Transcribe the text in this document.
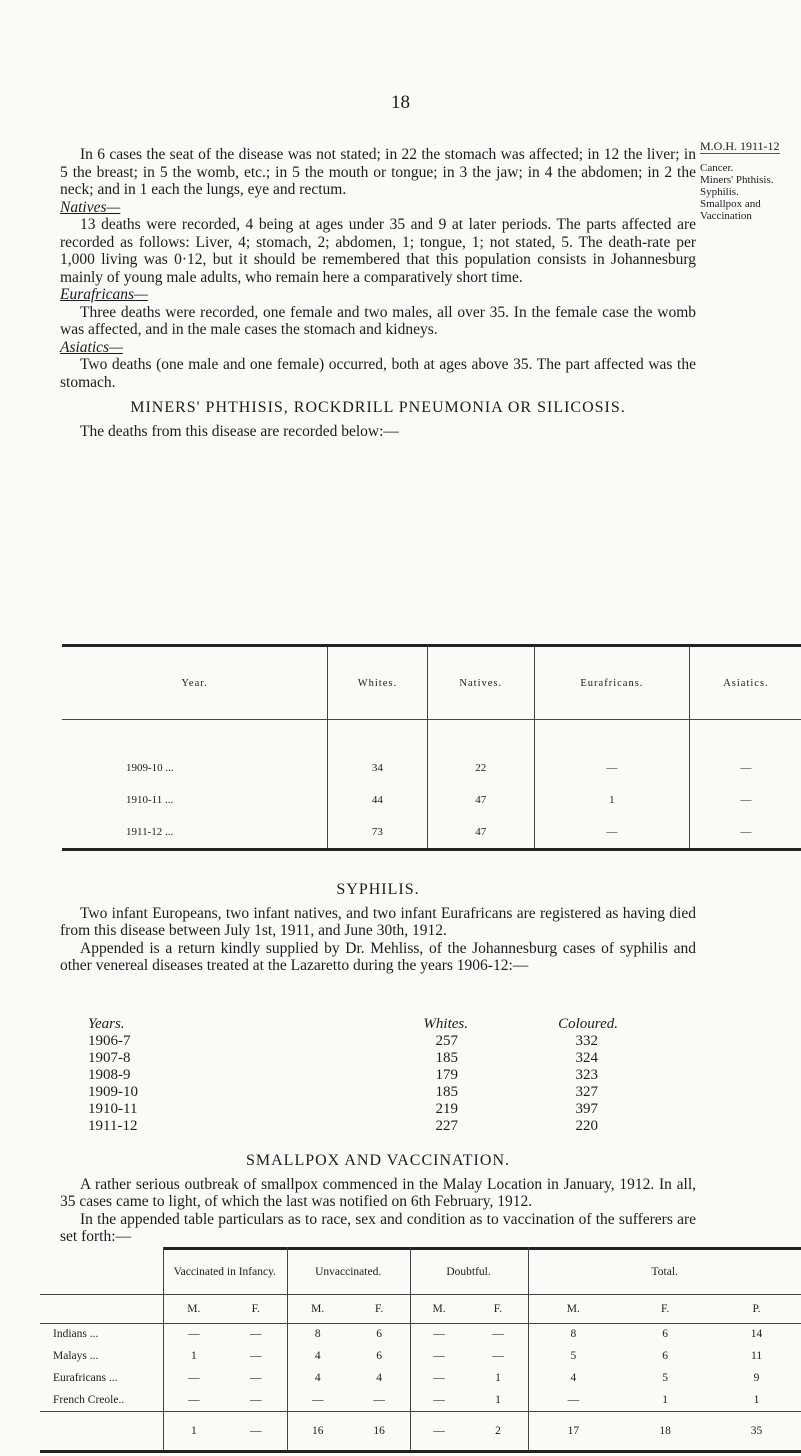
18
M.O.H. 1911-12
Cancer.
Miners' Phthisis.
Syphilis.
Smallpox and Vaccination

In 6 cases the seat of the disease was not stated; in 22 the stomach was affected; in 12 the liver; in 5 the breast; in 5 the womb, etc.; in 5 the mouth or tongue; in 3 the jaw; in 4 the abdomen; in 2 the neck; and in 1 each the lungs, eye and rectum.

Natives—

13 deaths were recorded, 4 being at ages under 35 and 9 at later periods. The parts affected are recorded as follows: Liver, 4; stomach, 2; abdomen, 1; tongue, 1; not stated, 5. The death-rate per 1,000 living was 0·12, but it should be remembered that this population consists in Johannesburg mainly of young male adults, who remain here a comparatively short time.

Eurafricans—

Three deaths were recorded, one female and two males, all over 35. In the female case the womb was affected, and in the male cases the stomach and kidneys.

Asiatics—

Two deaths (one male and one female) occurred, both at ages above 35. The part affected was the stomach.

MINERS' PHTHISIS, ROCKDRILL PNEUMONIA OR SILICOSIS.

The deaths from this disease are recorded below:—

Year.	Whites.	Natives.	Eurafricans.	Asiatics.

1909-10 ...	34	22	—	—
1910-11 ...	44	47	1	—
1911-12 ...	73	47	—	—
SYPHILIS.

Two infant Europeans, two infant natives, and two infant Eurafricans are registered as having died from this disease between July 1st, 1911, and June 30th, 1912.

Appended is a return kindly supplied by Dr. Mehliss, of the Johannesburg cases of syphilis and other venereal diseases treated at the Lazaretto during the years 1906-12:—

Years.	Whites.	Coloured.
1906-7	257	332
1907-8	185	324
1908-9	179	323
1909-10	185	327
1910-11	219	397
1911-12	227	220
SMALLPOX AND VACCINATION.

A rather serious outbreak of smallpox commenced in the Malay Location in January, 1912. In all, 35 cases came to light, of which the last was notified on 6th February, 1912.

In the appended table particulars as to race, sex and condition as to vaccination of the sufferers are set forth:—

	Vaccinated in Infancy.		Unvaccinated.		Doubtful.		Total.		
	M.	F.	M.	F.	M.	F.	M.	F.	P.
Indians ...	—	—	8	6	—	—	8	6	14
Malays ...	1	—	4	6	—	—	5	6	11
Eurafricans ...	—	—	4	4	—	1	4	5	9
French Creole..	—	—	—	—	—	1	—	1	1
	1	—	16	16	—	2	17	18	35
